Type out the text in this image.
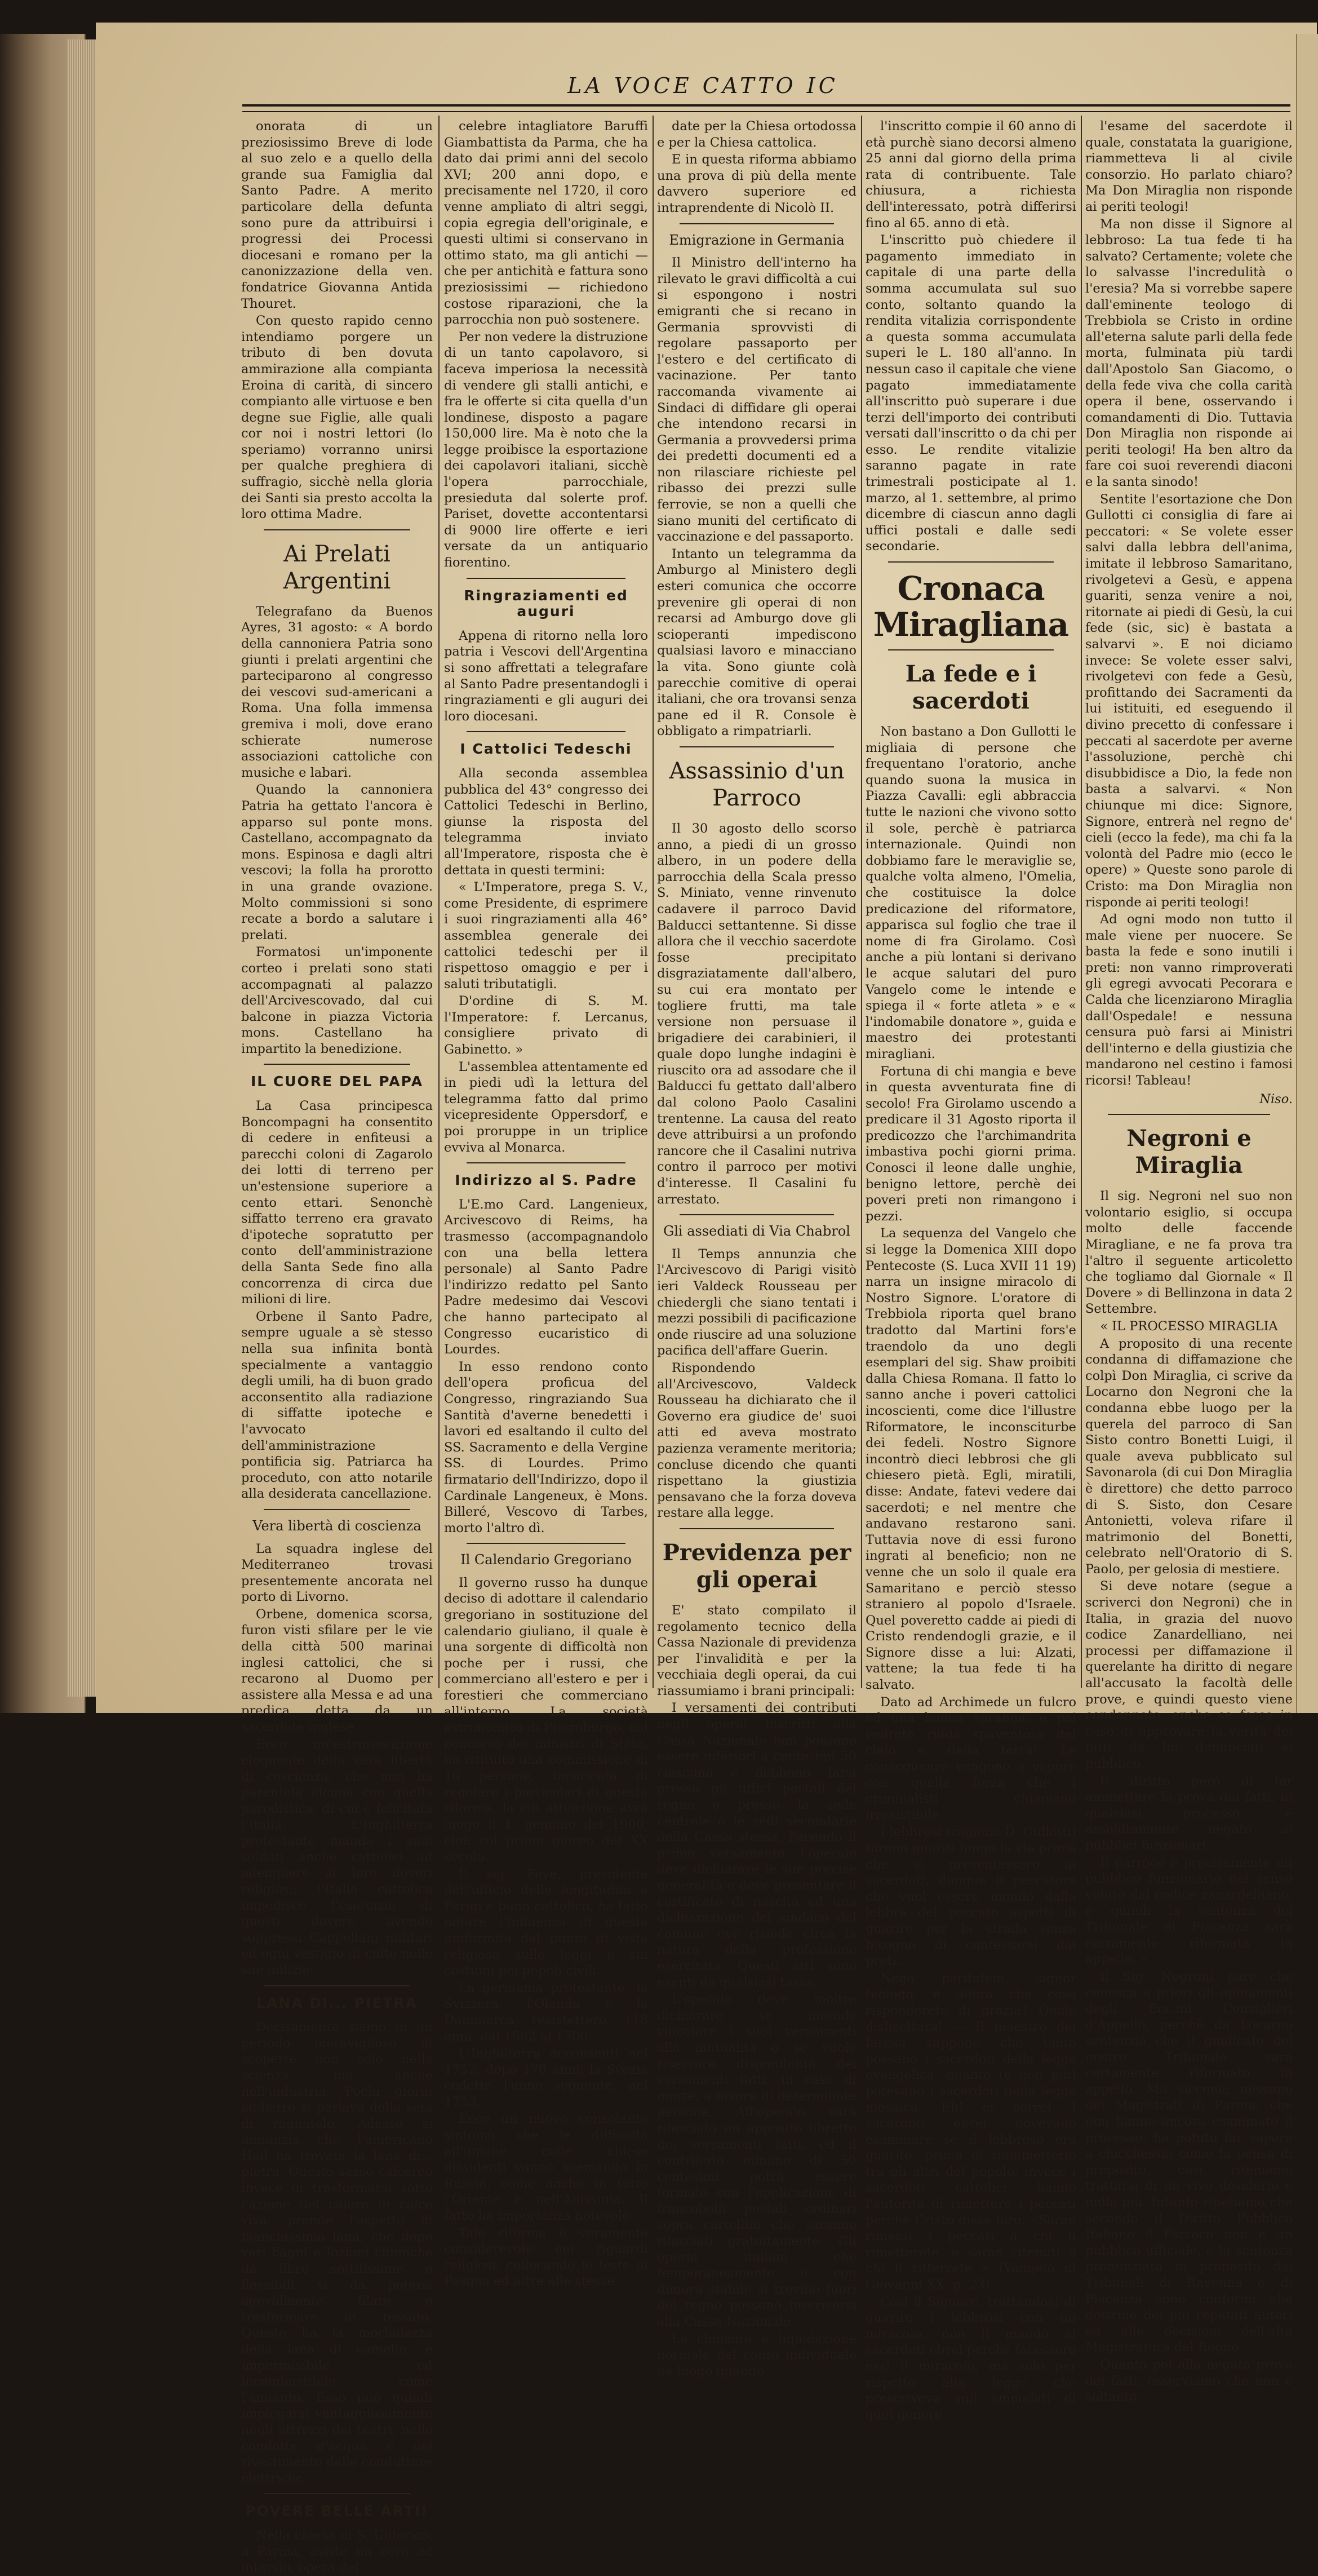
LA VOCE CATTO IC

onorata di un preziosissimo Breve di lode al suo zelo e a quello della grande sua Famiglia dal Santo Padre. A merito particolare della defunta sono pure da attribuirsi i progressi dei Processi diocesani e romano per la canonizzazione della ven. fondatrice Giovanna Antida Thouret.

Con questo rapido cenno intendiamo porgere un tributo di ben dovuta ammirazione alla compianta Eroina di carità, di sincero compianto alle virtuose e ben degne sue Figlie, alle quali cor noi i nostri lettori (lo speriamo) vorranno unirsi per qualche preghiera di suffragio, sicchè nella gloria dei Santi sia presto accolta la loro ottima Madre.

Ai Prelati Argentini

Telegrafano da Buenos Ayres, 31 agosto: « A bordo della cannoniera Patria sono giunti i prelati argentini che parteciparono al congresso dei vescovi sud-americani a Roma. Una folla immensa gremiva i moli, dove erano schierate numerose associazioni cattoliche con musiche e labari.

Quando la cannoniera Patria ha gettato l'ancora è apparso sul ponte mons. Castellano, accompagnato da mons. Espinosa e dagli altri vescovi; la folla ha prorotto in una grande ovazione. Molto commissioni si sono recate a bordo a salutare i prelati.

Formatosi un'imponente corteo i prelati sono stati accompagnati al palazzo dell'Arcivescovado, dal cui balcone in piazza Victoria mons. Castellano ha impartito la benedizione.

IL CUORE DEL PAPA

La Casa principesca Boncompagni ha consentito di cedere in enfiteusi a parecchi coloni di Zagarolo dei lotti di terreno per un'estensione superiore a cento ettari. Senonchè siffatto terreno era gravato d'ipoteche sopratutto per conto dell'amministrazione della Santa Sede fino alla concorrenza di circa due milioni di lire.

Orbene il Santo Padre, sempre uguale a sè stesso nella sua infinita bontà specialmente a vantaggio degli umili, ha di buon grado acconsentito alla radiazione di siffatte ipoteche e l'avvocato dell'amministrazione pontificia sig. Patriarca ha proceduto, con atto notarile alla desiderata cancellazione.

Vera libertà di coscienza

La squadra inglese del Mediterraneo trovasi presentemente ancorata nel porto di Livorno.

Orbene, domenica scorsa, furon visti sfilare per le vie della città 500 marinai inglesi cattolici, che si recarono al Duomo per assistere alla Messa e ad una predica detta da un sacerdote inglese.

Ecco un'estrinsecazione eloquente della vera libertà di coscienza, che non ha parentela alcuna con quella parodistica, di cui è felicitata l'Italia. L'Inghilterra protestante manda i suoi soldati anche cattolici ad adempiere ai loro doveri religiosi; l'Italia cattolica impedisce l'esercizio di questi doveri, avendo soppressi Cappellani militari ed ogni vestigio di culto nelle sue milizie.

LANA DI... PIETRA

Decisamente siamo in un periodo meraviglioso di scoperte non solo nella scienza, ma anche nell'industria. Pochi giorni addietro si parlava della seta di ragnatele. Adesso si annunzia che l'americano Hall ha trovata la lana di... pietra. Questo sasso calcareo invece di trasformarsi sotto l'azione del calore in calce viva, prende l'aspetto di bianchissima lana, che dopo vari bagni e lozioni chimiche dà fibre sottilissime e flessibili sì da potersi agevolmente filare e trasformare in tessuto. Questo ha la morbidezza della lana di camello, è impermeabile ed incombustibile come l'amianto. Esso può quindi impiegarsi vantaggiosamente negli attrezzi dei teatri, nelle condotte d'acqua e nel rivestimento delle condutture elettriche.

POVERE BELLE ARTI!

Nella chiesa di S. Ulderico, a Parma, esiste un coro ad intarsio, opera del

celebre intagliatore Baruffi Giambattista da Parma, che ha dato dai primi anni del secolo XVI; 200 anni dopo, e precisamente nel 1720, il coro venne ampliato di altri seggi, copia egregia dell'originale, e questi ultimi si conservano in ottimo stato, ma gli antichi — che per antichità e fattura sono preziosissimi — richiedono costose riparazioni, che la parrocchia non può sostenere.

Per non vedere la distruzione di un tanto capolavoro, si faceva imperiosa la necessità di vendere gli stalli antichi, e fra le offerte si cita quella d'un londinese, disposto a pagare 150,000 lire. Ma è noto che la legge proibisce la esportazione dei capolavori italiani, sicchè l'opera parrocchiale, presieduta dal solerte prof. Pariset, dovette accontentarsi di 9000 lire offerte e ieri versate da un antiquario fiorentino.

Ringraziamenti ed auguri

Appena di ritorno nella loro patria i Vescovi dell'Argentina si sono affrettati a telegrafare al Santo Padre presentandogli i ringraziamenti e gli auguri dei loro diocesani.

I Cattolici Tedeschi

Alla seconda assemblea pubblica del 43° congresso dei Cattolici Tedeschi in Berlino, giunse la risposta del telegramma inviato all'Imperatore, risposta che è dettata in questi termini:

« L'Imperatore, prega S. V., come Presidente, di esprimere i suoi ringraziamenti alla 46° assemblea generale dei cattolici tedeschi per il rispettoso omaggio e per i saluti tributatigli.

D'ordine di S. M. l'Imperatore: f. Lercanus, consigliere privato di Gabinetto. »

L'assemblea attentamente ed in piedi udì la lettura del telegramma fatto dal primo vicepresidente Oppersdorf, e poi proruppe in un triplice evviva al Monarca.

Indirizzo al S. Padre

L'E.mo Card. Langenieux, Arcivescovo di Reims, ha trasmesso (accompagnandolo con una bella lettera personale) al Santo Padre l'indirizzo redatto pel Santo Padre medesimo dai Vescovi che hanno partecipato al Congresso eucaristico di Lourdes.

In esso rendono conto dell'opera proficua del Congresso, ringraziando Sua Santità d'averne benedetti i lavori ed esaltando il culto del SS. Sacramento e della Vergine SS. di Lourdes. Primo firmatario dell'Indirizzo, dopo il Cardinale Langeneux, è Mons. Billeré, Vescovo di Tarbes, morto l'altro dì.

Il Calendario Gregoriano

Il governo russo ha dunque deciso di adottare il calendario gregoriano in sostituzione del calendario giuliano, il quale è una sorgente di difficoltà non poche per i russi, che commerciano all'estero e per i forestieri che commerciano all'interno. La società astronomica di Pietroburgo, col concorso dei ministri di Stato, ha istituito una commissione di 16 persone, incaricata di regolare i particolari di questa riforma, la cui attuazione avrà luogo il 1. gennaio del 1900, cioè col primo giorno del XX secolo.

Il sig. Faye, presidente dell'ufficio delle longitudini a Parigi e buon cattolico, ha fatto notare l'influenza di questa uniformità dal punto di vista religioso sulle leggi e sui costumi pei popoli civili.

La germania protestante, la Svizzera, l'Olanda e la Danimarca resistettero 118 anni, dal 1582 al 1700.

L'Inghilterra acconsentì nel 1752, dopo 170 anni; la Svezia cedette l'anno seguente, nel 1753.

Ecco un nuovo consolante sintomo che le difficoltà all'unione colle chiese dissidenti vanno scemando in Russia, come anche in tutto l'Oriente e nell'Abissinia. Il fatto ha importanza notevole.

Tale riforma è veramente considerevole nei riguardi religiosi, collocando le feste di Pasqua ed altre alle stesse

date per la Chiesa ortodossa e per la Chiesa cattolica.

E in questa riforma abbiamo una prova di più della mente davvero superiore ed intraprendente di Nicolò II.

Emigrazione in Germania

Il Ministro dell'interno ha rilevato le gravi difficoltà a cui si espongono i nostri emigranti che si recano in Germania sprovvisti di regolare passaporto per l'estero e del certificato di vacinazione. Per tanto raccomanda vivamente ai Sindaci di diffidare gli operai che intendono recarsi in Germania a provvedersi prima dei predetti documenti ed a non rilasciare richieste pel ribasso dei prezzi sulle ferrovie, se non a quelli che siano muniti del certificato di vaccinazione e del passaporto.

Intanto un telegramma da Amburgo al Ministero degli esteri comunica che occorre prevenire gli operai di non recarsi ad Amburgo dove gli scioperanti impediscono qualsiasi lavoro e minacciano la vita. Sono giunte colà parecchie comitive di operai italiani, che ora trovansi senza pane ed il R. Console è obbligato a rimpatriarli.

Assassinio d'un Parroco

Il 30 agosto dello scorso anno, a piedi di un grosso albero, in un podere della parrocchia della Scala presso S. Miniato, venne rinvenuto cadavere il parroco David Balducci settantenne. Si disse allora che il vecchio sacerdote fosse precipitato disgraziatamente dall'albero, su cui era montato per togliere frutti, ma tale versione non persuase il brigadiere dei carabinieri, il quale dopo lunghe indagini è riuscito ora ad assodare che il Balducci fu gettato dall'albero dal colono Paolo Casalini trentenne. La causa del reato deve attribuirsi a un profondo rancore che il Casalini nutriva contro il parroco per motivi d'interesse. Il Casalini fu arrestato.

Gli assediati di Via Chabrol

Il Temps annunzia che l'Arcivescovo di Parigi visitò ieri Valdeck Rousseau per chiedergli che siano tentati i mezzi possibili di pacificazione onde riuscire ad una soluzione pacifica dell'affare Guerin.

Rispondendo all'Arcivescovo, Valdeck Rousseau ha dichiarato che il Governo era giudice de' suoi atti ed aveva mostrato pazienza veramente meritoria; concluse dicendo che quanti rispettano la giustizia pensavano che la forza doveva restare alla legge.

Previdenza per gli operai

E' stato compilato il regolamento tecnico della Cassa Nazionale di previdenza per l'invalidità e per la vecchiaia degli operai, da cui riassumiamo i brani principali:

I versamenti dei contributi degli operai inscritti alla Cassa Nazionale non possono essere inferiori a centesimi 50 ciascuno e debbono farsi presso gli uffici postali del regno o presso la sede centrale o le sedi secondarie della Cassa stessa. Facendo il primo versamento l'operaio deve dichiarare le sue precise generalità e deve presentare il certificato di nascita ed una dichiarazione del sindaco del comune ove risiede circa la natura della professione esercitata. Questi atti sono esenti da qualsiasi tassa.

L'operaio deve inoltre dichiarare se intende vincolare i suoi versamenti alla mutualità o se vuole riservare disponibilità dei versamenti fatti, in caso di morte, a favore di determinate persone. All'operaio sarà rilasciato un apposito libretto dei versamenti fatti, ed il contributo minimo di 50 centesimi potrà essere formato con l'applicazione di francobolli postali ordinari sopra cartellini che saranno rilasciati gratuitamente. Gli operai italiani che temporaneamente o con dimora stabile si trovino fuori del regno possono inscriversi alla Cassa Nazionale.

La chiusura e liquidazione normale del conto individuale ha luogo quando

l'inscritto compie il 60 anno di età purchè siano decorsi almeno 25 anni dal giorno della prima rata di contribuente. Tale chiusura, a richiesta dell'interessato, potrà differirsi fino al 65. anno di età.

L'inscritto può chiedere il pagamento immediato in capitale di una parte della somma accumulata sul suo conto, soltanto quando la rendita vitalizia corrispondente a questa somma accumulata superi le L. 180 all'anno. In nessun caso il capitale che viene pagato immediatamente all'inscritto può superare i due terzi dell'importo dei contributi versati dall'inscritto o da chi per esso. Le rendite vitalizie saranno pagate in rate trimestrali posticipate al 1. marzo, al 1. settembre, al primo dicembre di ciascun anno dagli uffici postali e dalle sedi secondarie.

Cronaca Miragliana
La fede e i sacerdoti

Non bastano a Don Gullotti le migliaia di persone che frequentano l'oratorio, anche quando suona la musica in Piazza Cavalli: egli abbraccia tutte le nazioni che vivono sotto il sole, perchè è patriarca internazionale. Quindi non dobbiamo fare le meraviglie se, qualche volta almeno, l'Omelia, che costituisce la dolce predicazione del riformatore, apparisca sul foglio che trae il nome di fra Girolamo. Così anche a più lontani si derivano le acque salutari del puro Vangelo come le intende e spiega il « forte atleta » e « l'indomabile donatore », guida e maestro dei protestanti miragliani.

Fortuna di chi mangia e beve in questa avventurata fine di secolo! Fra Girolamo uscendo a predicare il 31 Agosto riporta il predicozzo che l'archimandrita imbastiva pochi giorni prima. Conosci il leone dalle unghie, benigno lettore, perchè dei poveri preti non rimangono i pezzi.

La sequenza del Vangelo che si legge la Domenica XIII dopo Pentecoste (S. Luca XVII 11 19) narra un insigne miracolo di Nostro Signore. L'oratore di Trebbiola riporta quel brano tradotto dal Martini fors'e traendolo da uno degli esemplari del sig. Shaw proibiti dalla Chiesa Romana. Il fatto lo sanno anche i poveri cattolici incoscienti, come dice l'illustre Riformatore, le inconsciturbe dei fedeli. Nostro Signore incontrò dieci lebbrosi che gli chiesero pietà. Egli, miratili, disse: Andate, fatevi vedere dai sacerdoti; e nel mentre che andavano restarono sani. Tuttavia nove di essi furono ingrati al beneficio; non ne venne che un solo il quale era Samaritano e perciò stesso straniero al popolo d'Israele. Quel poveretto cadde ai piedi di Cristo rendendogli grazie, e il Signore disse a lui: Alzati, vattene; la tua fede ti ha salvato.

Dato ad Archimede un fulcro ed una buona spranga, e poi vedrete ridda spaventosa del cielo e della terra! Le conseguenze vengono a vapore con quella forza che i criminalisti chiamano irresistibile.

I lebbrosi (ragiona D. Gullotti) furono guariti lungo la via prima che si presentassero ai sacerdoti, dunque il peccatore che vuol essere mondo dalla lebbra del peccato aspetti di guarire per la strada senza bisogno di confessarsi dai preti...

Nego paritatem, signor teologo: e allora che cosa risponderete di grazia? Quale dislivoltura! — Il maestro dei farisei suppone che tanto possano i sacerdoti della legge evangelica, quanto (e non più) potevano i sacerdoti della legge mosaica. Eh! ci corre! I sacerdoti ebrei dovevano esaminare se il lebbroso era guarito, prima di riammetterlo tra gli altri del popolo; invece i sacerdoti cattolici hanno l'autorità di rimettere i peccati perchè Cristo disse loro: «Saran rimessi i peccati a chi li rimetterete, e saran ritenuti a chi li ritterrete » (Vangelo di Giovanni XX, p. 23).

Così il Signore, trattandosi di guarire i lebbrosi con un miracolo, non li mandò ai sacerdoti ebrei perchè facessero essi il miracolo, ma solo per rispetto alla legge che prescriveva agli ammalati di quel genere

l'esame del sacerdote il quale, constatata la guarigione, riammetteva li al civile consorzio. Ho parlato chiaro? Ma Don Miraglia non risponde ai periti teologi!

Ma non disse il Signore al lebbroso: La tua fede ti ha salvato? Certamente; volete che lo salvasse l'incredulità o l'eresia? Ma si vorrebbe sapere dall'eminente teologo di Trebbiola se Cristo in ordine all'eterna salute parli della fede morta, fulminata più tardi dall'Apostolo San Giacomo, o della fede viva che colla carità opera il bene, osservando i comandamenti di Dio. Tuttavia Don Miraglia non risponde ai periti teologi! Ha ben altro da fare coi suoi reverendi diaconi e la santa sinodo!

Sentite l'esortazione che Don Gullotti ci consiglia di fare ai peccatori: « Se volete esser salvi dalla lebbra dell'anima, imitate il lebbroso Samaritano, rivolgetevi a Gesù, e appena guariti, senza venire a noi, ritornate ai piedi di Gesù, la cui fede (sic, sic) è bastata a salvarvi ». E noi diciamo invece: Se volete esser salvi, rivolgetevi con fede a Gesù, profittando dei Sacramenti da lui istituiti, ed eseguendo il divino precetto di confessare i peccati al sacerdote per averne l'assoluzione, perchè chi disubbidisce a Dio, la fede non basta a salvarvi. « Non chiunque mi dice: Signore, Signore, entrerà nel regno de' cieli (ecco la fede), ma chi fa la volontà del Padre mio (ecco le opere) » Queste sono parole di Cristo: ma Don Miraglia non risponde ai periti teologi!

Ad ogni modo non tutto il male viene per nuocere. Se basta la fede e sono inutili i preti: non vanno rimproverati gli egregi avvocati Pecorara e Calda che licenziarono Miraglia dall'Ospedale! e nessuna censura può farsi ai Ministri dell'interno e della giustizia che mandarono nel cestino i famosi ricorsi! Tableau!

Niso.
Negroni e Miraglia

Il sig. Negroni nel suo non volontario esiglio, si occupa molto delle faccende Miragliane, e ne fa prova tra l'altro il seguente articoletto che togliamo dal Giornale « Il Dovere » di Bellinzona in data 2 Settembre.

« IL PROCESSO MIRAGLIA

A proposito di una recente condanna di diffamazione che colpì Don Miraglia, ci scrive da Locarno don Negroni che la condanna ebbe luogo per la querela del parroco di San Sisto contro Bonetti Luigi, il quale aveva pubblicato sul Savonarola (di cui Don Miraglia è direttore) che detto parroco di S. Sisto, don Cesare Antonietti, voleva rifare il matrimonio del Bonetti, celebrato nell'Oratorio di S. Paolo, per gelosia di mestiere.

Si deve notare (segue a scriverci don Negroni) che in Italia, in grazia del nuovo codice Zanardelliano, nei processi per diffamazione il querelante ha diritto di negare all'accusato la facoltà delle prove, e quindi questo viene condannato, anche se fosse in caso di approvare la verità dei fatti da lui denunciati al pubblico.

Il diritto però di far ammettere la prova dei fatti, in qualsiasi processo, è assolutamente negato ai pubblici funzionari.

Il parroco è precisamente un pubblico funzionario nel senso voluto dal codice zanardelliano, e quindi la sentenza del Tribunale di Piacenza sarà certamente riformata in appello. »

Il Sig. Negroni pare che conosca a priori gli opinamenti degli Ecc.mi Consiglieri d'Appello, perchè da Locarno sentenzia che il giudicato del nostro Tribunale sarà certamente riformato in appello. Ma siccome nessuno dei Magistrati di Parma, che non hanno ancora esaminato il processo, ha potuto far sapere a chicchessia come la pensa di proposito, così riteniamo trattarsi di un vivo desiderio e nulla più. Intanto ripetiamo che secondo il Diritto Pubblico Italiano il Parroco non è un pubblico ufficiale, e la sentenza pronunziata in proposito dai Tribunali di Ravenna e di Piacenza sono conformi alle dottrine dei più reputati autori ed alle decisioni dell'alta Magistratura del Regno.

Quanto poi alla negata prova dei fatti, osserviamo che non è soltanto
